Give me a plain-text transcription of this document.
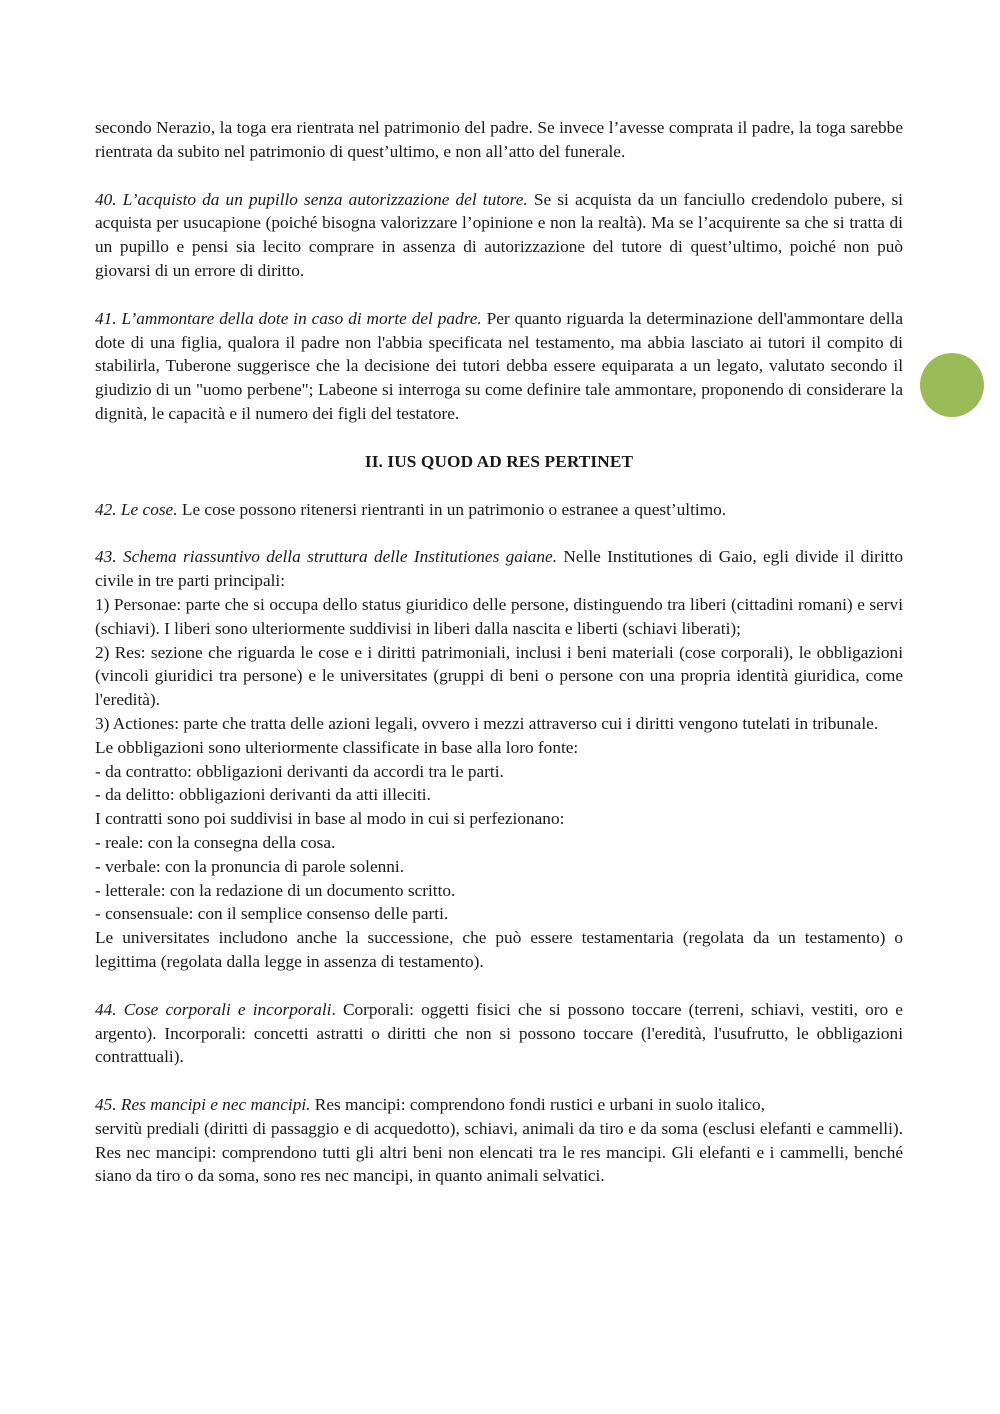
secondo Nerazio, la toga era rientrata nel patrimonio del padre. Se invece l’avesse comprata il padre, la toga sarebbe rientrata da subito nel patrimonio di quest’ultimo, e non all’atto del funerale.

40. L’acquisto da un pupillo senza autorizzazione del tutore. Se si acquista da un fanciullo credendolo pubere, si acquista per usucapione (poiché bisogna valorizzare l’opinione e non la realtà). Ma se l’acquirente sa che si tratta di un pupillo e pensi sia lecito comprare in assenza di autorizzazione del tutore di quest’ultimo, poiché non può giovarsi di un errore di diritto.

41. L’ammontare della dote in caso di morte del padre. Per quanto riguarda la determinazione dell'ammontare della dote di una figlia, qualora il padre non l'abbia specificata nel testamento, ma abbia lasciato ai tutori il compito di stabilirla, Tuberone suggerisce che la decisione dei tutori debba essere equiparata a un legato, valutato secondo il giudizio di un "uomo perbene"; Labeone si interroga su come definire tale ammontare, proponendo di considerare la dignità, le capacità e il numero dei figli del testatore.

II. IUS QUOD AD RES PERTINET

42. Le cose. Le cose possono ritenersi rientranti in un patrimonio o estranee a quest’ultimo.

43. Schema riassuntivo della struttura delle Institutiones gaiane. Nelle Institutiones di Gaio, egli divide il diritto civile in tre parti principali:

1) Personae: parte che si occupa dello status giuridico delle persone, distinguendo tra liberi (cittadini romani) e servi (schiavi). I liberi sono ulteriormente suddivisi in liberi dalla nascita e liberti (schiavi liberati);

2) Res: sezione che riguarda le cose e i diritti patrimoniali, inclusi i beni materiali (cose corporali), le obbligazioni (vincoli giuridici tra persone) e le universitates (gruppi di beni o persone con una propria identità giuridica, come l'eredità).

3) Actiones: parte che tratta delle azioni legali, ovvero i mezzi attraverso cui i diritti vengono tutelati in tribunale.

Le obbligazioni sono ulteriormente classificate in base alla loro fonte:

- da contratto: obbligazioni derivanti da accordi tra le parti.

- da delitto: obbligazioni derivanti da atti illeciti.

I contratti sono poi suddivisi in base al modo in cui si perfezionano:

- reale: con la consegna della cosa.

- verbale: con la pronuncia di parole solenni.

- letterale: con la redazione di un documento scritto.

- consensuale: con il semplice consenso delle parti.

Le universitates includono anche la successione, che può essere testamentaria (regolata da un testamento) o legittima (regolata dalla legge in assenza di testamento).

44. Cose corporali e incorporali. Corporali: oggetti fisici che si possono toccare (terreni, schiavi, vestiti, oro e argento). Incorporali: concetti astratti o diritti che non si possono toccare (l'eredità, l'usufrutto, le obbligazioni contrattuali).

45. Res mancipi e nec mancipi. Res mancipi: comprendono fondi rustici e urbani in suolo italico,

servitù prediali (diritti di passaggio e di acquedotto), schiavi, animali da tiro e da soma (esclusi elefanti e cammelli). Res nec mancipi: comprendono tutti gli altri beni non elencati tra le res mancipi. Gli elefanti e i cammelli, benché siano da tiro o da soma, sono res nec mancipi, in quanto animali selvatici.
